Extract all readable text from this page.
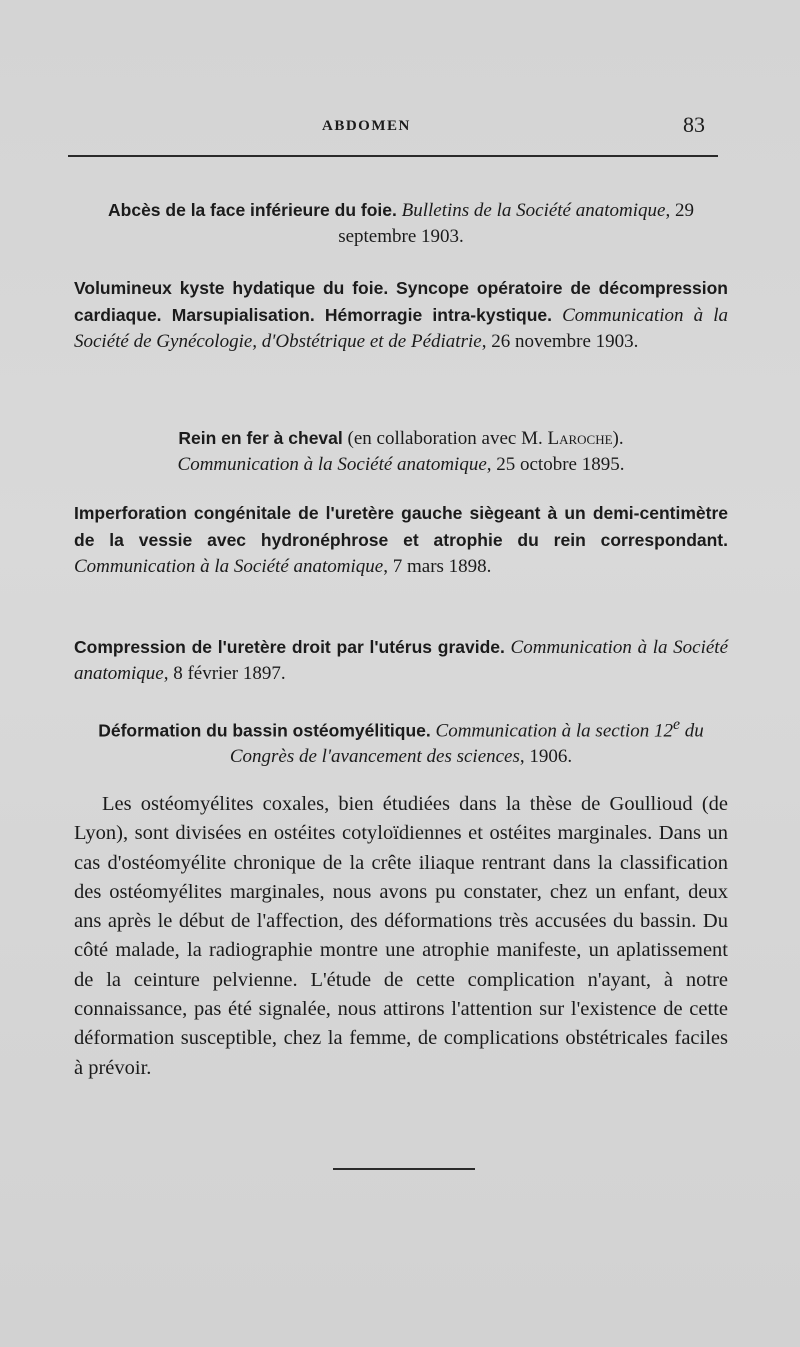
ABDOMEN	83
Abcès de la face inférieure du foie. Bulletins de la Société anatomique, 29 septembre 1903.
Volumineux kyste hydatique du foie. Syncope opératoire de décompression cardiaque. Marsupialisation. Hémorragie intra-kystique. Communication à la Société de Gynécologie, d'Obstétrique et de Pédiatrie, 26 novembre 1903.
Rein en fer à cheval (en collaboration avec M. Laroche).
Communication à la Société anatomique, 25 octobre 1895.
Imperforation congénitale de l'uretère gauche siègeant à un demi-centimètre de la vessie avec hydronéphrose et atrophie du rein correspondant. Communication à la Société anatomique, 7 mars 1898.
Compression de l'uretère droit par l'utérus gravide. Communication à la Société anatomique, 8 février 1897.
Déformation du bassin ostéomyélitique. Communication à la section 12e du Congrès de l'avancement des sciences, 1906.
Les ostéomyélites coxales, bien étudiées dans la thèse de Goullioud (de Lyon), sont divisées en ostéites cotyloïdiennes et ostéites marginales. Dans un cas d'ostéomyélite chronique de la crête iliaque rentrant dans la classification des ostéomyélites marginales, nous avons pu constater, chez un enfant, deux ans après le début de l'affection, des déformations très accusées du bassin. Du côté malade, la radiographie montre une atrophie manifeste, un aplatissement de la ceinture pelvienne. L'étude de cette complication n'ayant, à notre connaissance, pas été signalée, nous attirons l'attention sur l'existence de cette déformation susceptible, chez la femme, de complications obstétricales faciles à prévoir.
